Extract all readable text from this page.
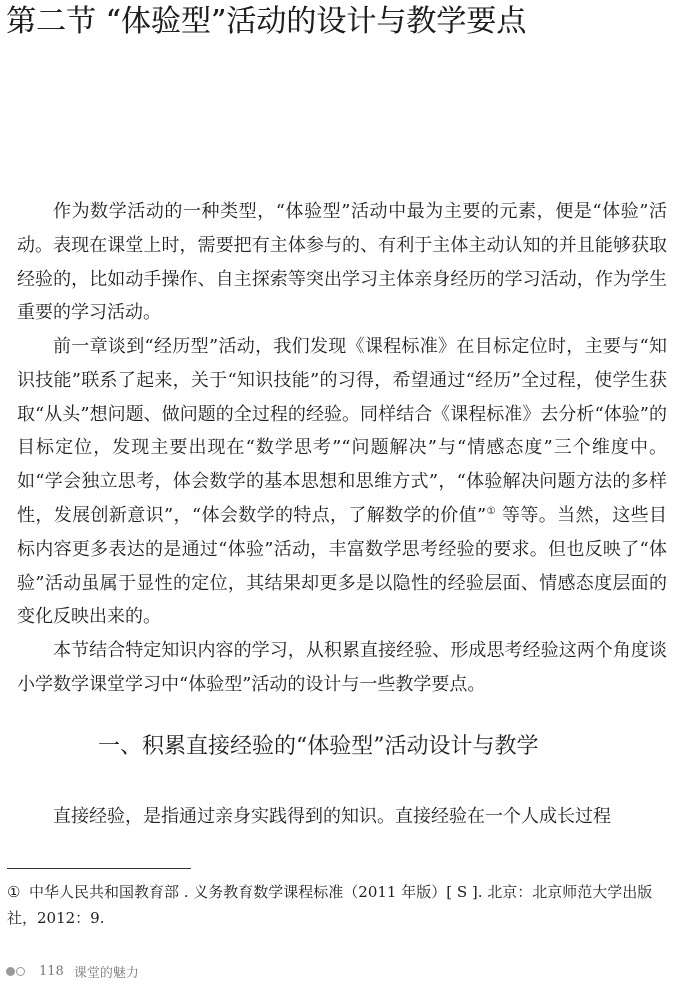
第二节 “体验型”活动的设计与教学要点

作为数学活动的一种类型，“体验型”活动中最为主要的元素，便是“体验”活动。表现在课堂上时，需要把有主体参与的、有利于主体主动认知的并且能够获取经验的，比如动手操作、自主探索等突出学习主体亲身经历的学习活动，作为学生重要的学习活动。

前一章谈到“经历型”活动，我们发现《课程标准》在目标定位时，主要与“知识技能”联系了起来，关于“知识技能”的习得，希望通过“经历”全过程，使学生获取“从头”想问题、做问题的全过程的经验。同样结合《课程标准》去分析“体验”的目标定位，发现主要出现在“数学思考”“问题解决”与“情感态度”三个维度中。如“学会独立思考，体会数学的基本思想和思维方式”，“体验解决问题方法的多样性，发展创新意识”，“体会数学的特点，了解数学的价值”① 等等。当然，这些目标内容更多表达的是通过“体验”活动，丰富数学思考经验的要求。但也反映了“体验”活动虽属于显性的定位，其结果却更多是以隐性的经验层面、情感态度层面的变化反映出来的。

本节结合特定知识内容的学习，从积累直接经验、形成思考经验这两个角度谈小学数学课堂学习中“体验型”活动的设计与一些教学要点。

一、积累直接经验的“体验型”活动设计与教学

直接经验，是指通过亲身实践得到的知识。直接经验在一个人成长过程

① 中华人民共和国教育部 . 义务教育数学课程标准（2011 年版）[ S ]. 北京：北京师范大学出版社，2012：9.

118 课堂的魅力
